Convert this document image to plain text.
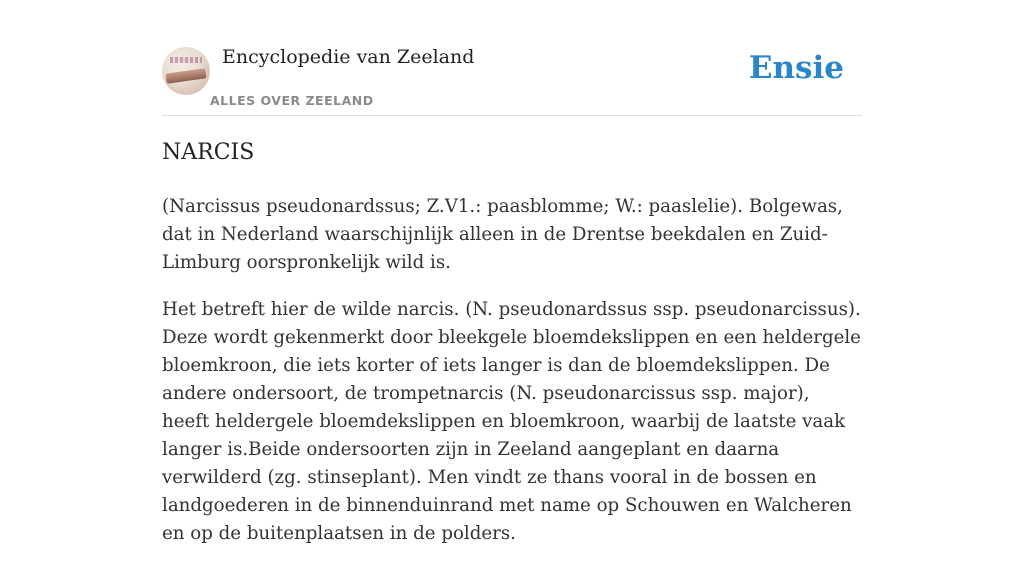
Encyclopedie van Zeeland
ALLES OVER ZEELAND
Ensie
NARCIS

(Narcissus pseudonardssus; Z.V1.: paasblomme; W.: paaslelie). Bolgewas, dat in Nederland waarschijnlijk alleen in de Drentse beekdalen en Zuid-Limburg oorspronkelijk wild is.

Het betreft hier de wilde narcis. (N. pseudonardssus ssp. pseudonarcissus). Deze wordt gekenmerkt door bleekgele bloemdekslippen en een heldergele bloemkroon, die iets korter of iets langer is dan de bloemdekslippen. De andere ondersoort, de trompetnarcis (N. pseudonarcissus ssp. major), heeft heldergele bloemdekslippen en bloemkroon, waarbij de laatste vaak langer is.Beide ondersoorten zijn in Zeeland aangeplant en daarna verwilderd (zg. stinseplant). Men vindt ze thans vooral in de bossen en landgoederen in de binnenduinrand met name op Schouwen en Walcheren en op de buitenplaatsen in de polders.
